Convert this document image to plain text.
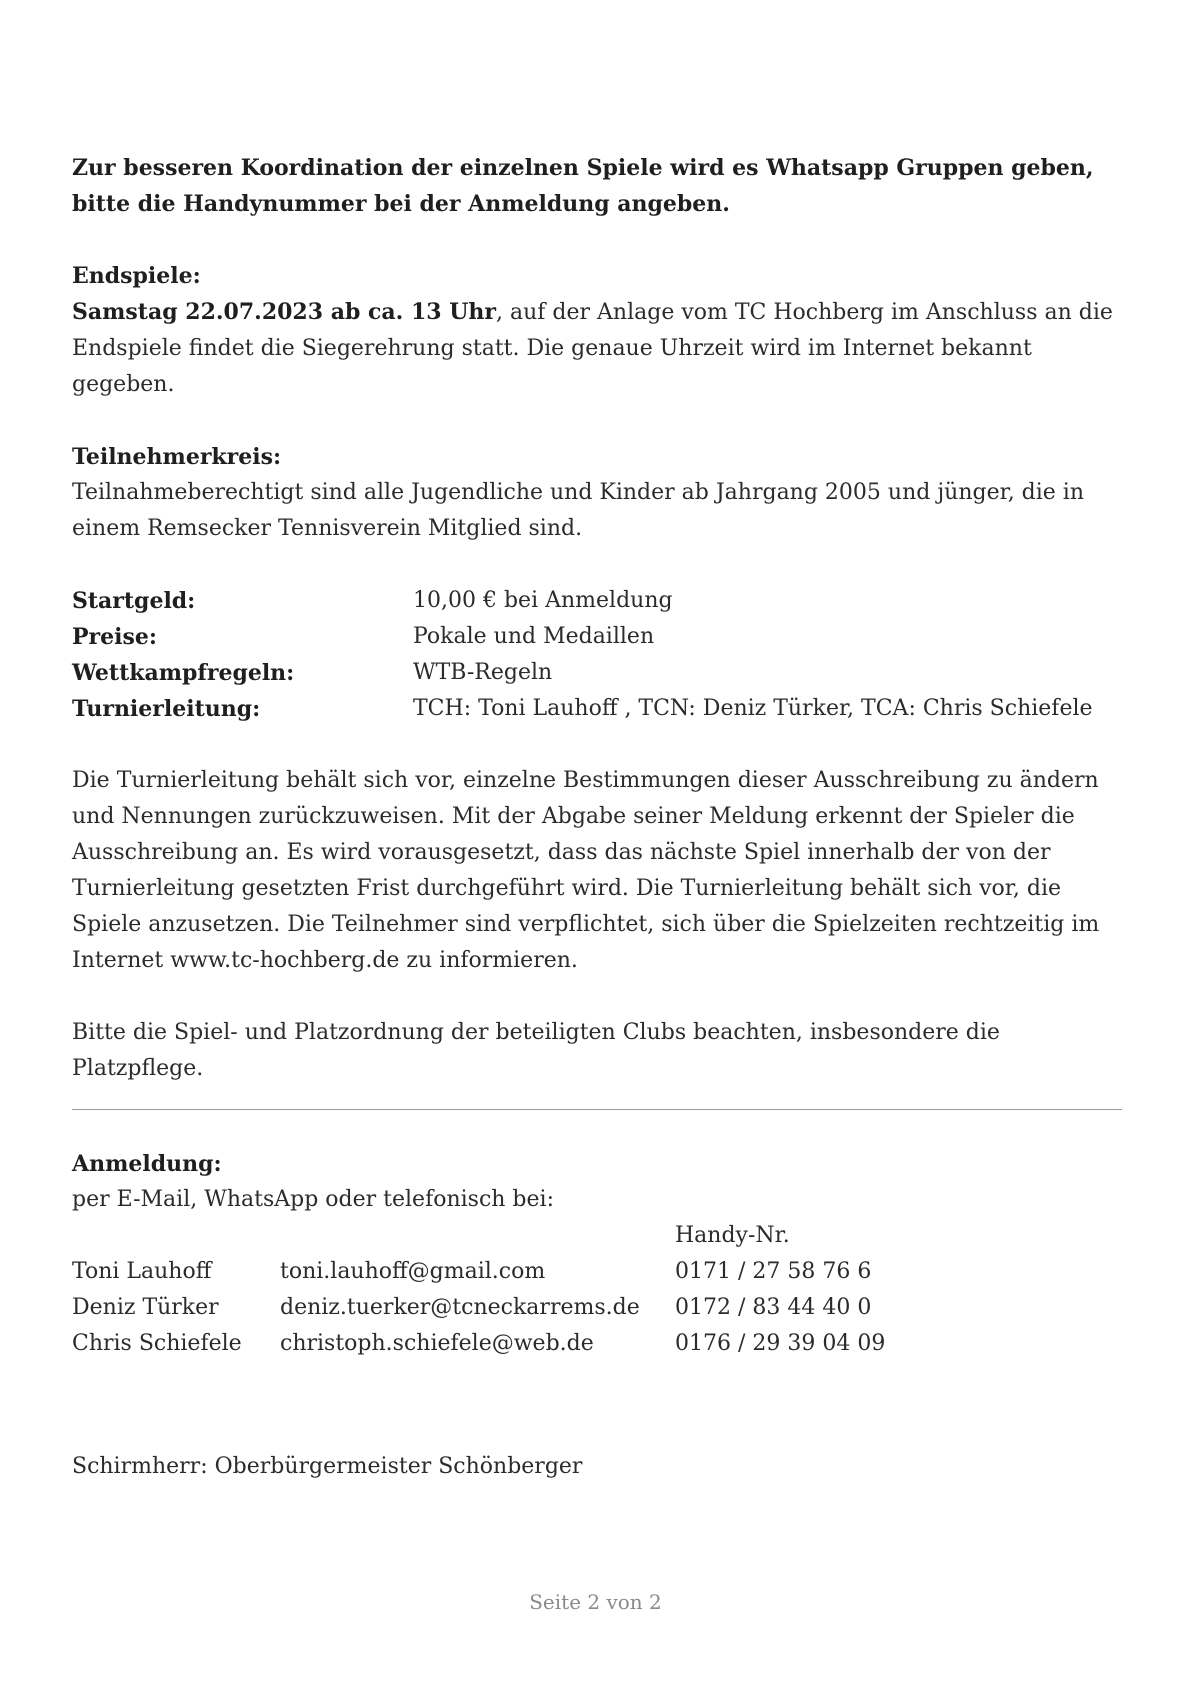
Zur besseren Koordination der einzelnen Spiele wird es Whatsapp Gruppen geben, bitte die Handynummer bei der Anmeldung angeben.

Endspiele:

Samstag 22.07.2023 ab ca. 13 Uhr, auf der Anlage vom TC Hochberg im Anschluss an die Endspiele findet die Siegerehrung statt. Die genaue Uhrzeit wird im Internet bekannt gegeben.

Teilnehmerkreis:

Teilnahmeberechtigt sind alle Jugendliche und Kinder ab Jahrgang 2005 und jünger, die in einem Remsecker Tennisverein Mitglied sind.

Startgeld:	10,00 € bei Anmeldung
Preise:	Pokale und Medaillen
Wettkampfregeln:	WTB-Regeln
Turnierleitung:	TCH: Toni Lauhoff , TCN: Deniz Türker, TCA: Chris Schiefele

Die Turnierleitung behält sich vor, einzelne Bestimmungen dieser Ausschreibung zu ändern und Nennungen zurückzuweisen. Mit der Abgabe seiner Meldung erkennt der Spieler die Ausschreibung an. Es wird vorausgesetzt, dass das nächste Spiel innerhalb der von der Turnierleitung gesetzten Frist durchgeführt wird. Die Turnierleitung behält sich vor, die Spiele anzusetzen. Die Teilnehmer sind verpflichtet, sich über die Spielzeiten rechtzeitig im Internet www.tc-hochberg.de zu informieren.

Bitte die Spiel- und Platzordnung der beteiligten Clubs beachten, insbesondere die Platzpflege.

Anmeldung:

per E-Mail, WhatsApp oder telefonisch bei:

		Handy-Nr.
Toni Lauhoff	toni.lauhoff@gmail.com	0171 / 27 58 76 6
Deniz Türker	deniz.tuerker@tcneckarrems.de	0172 / 83 44 40 0
Chris Schiefele	christoph.schiefele@web.de	0176 / 29 39 04 09

Schirmherr: Oberbürgermeister Schönberger

Seite 2 von 2
